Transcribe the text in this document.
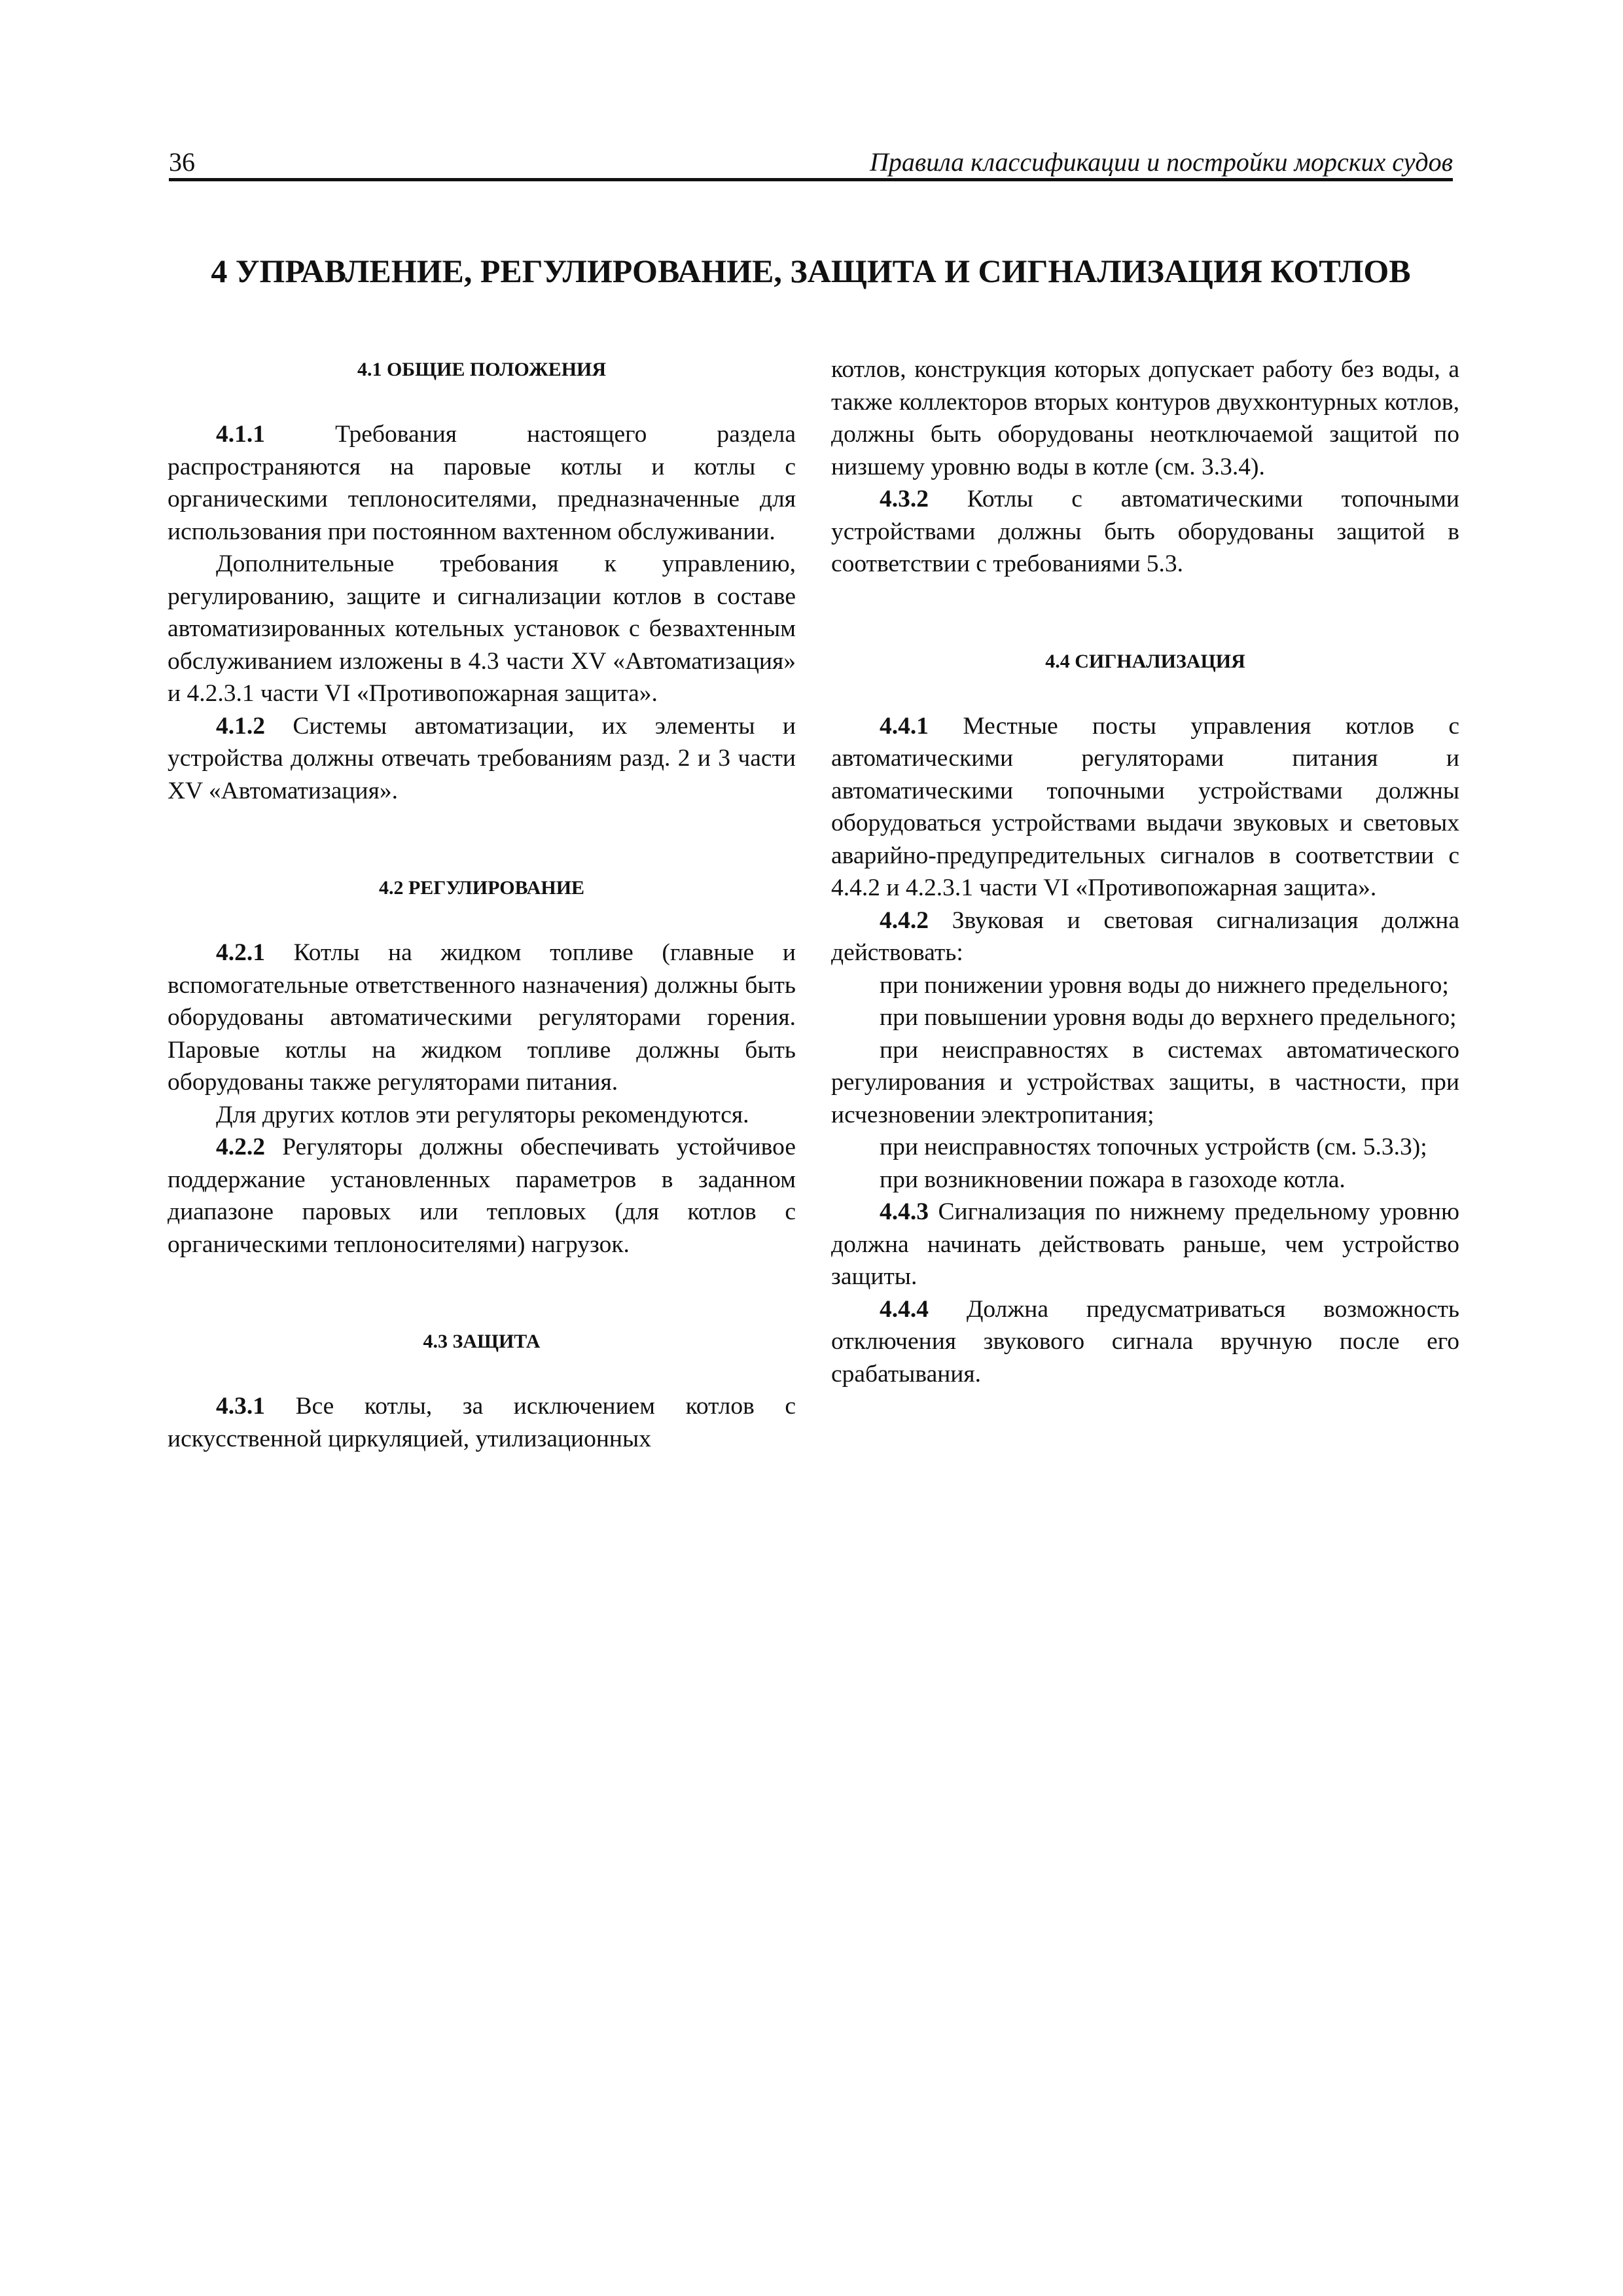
36	Правила классификации и постройки морских судов
4 УПРАВЛЕНИЕ, РЕГУЛИРОВАНИЕ, ЗАЩИТА И СИГНАЛИЗАЦИЯ КОТЛОВ
4.1 ОБЩИЕ ПОЛОЖЕНИЯ

4.1.1 Требования настоящего раздела распространяются на паровые котлы и котлы с органическими теплоносителями, предназначенные для использования при постоянном вахтенном обслуживании.

Дополнительные требования к управлению, регулированию, защите и сигнализации котлов в составе автоматизированных котельных установок с безвахтенным обслуживанием изложены в 4.3 части XV «Автоматизация» и 4.2.3.1 части VI «Противопожарная защита».

4.1.2 Системы автоматизации, их элементы и устройства должны отвечать требованиям разд. 2 и 3 части XV «Автоматизация».

4.2 РЕГУЛИРОВАНИЕ

4.2.1 Котлы на жидком топливе (главные и вспомогательные ответственного назначения) должны быть оборудованы автоматическими регуляторами горения. Паровые котлы на жидком топливе должны быть оборудованы также регуляторами питания.

Для других котлов эти регуляторы рекомендуются.

4.2.2 Регуляторы должны обеспечивать устойчивое поддержание установленных параметров в заданном диапазоне паровых или тепловых (для котлов с органическими теплоносителями) нагрузок.

4.3 ЗАЩИТА

4.3.1 Все котлы, за исключением котлов с искусственной циркуляцией, утилизационных

котлов, конструкция которых допускает работу без воды, а также коллекторов вторых контуров двухконтурных котлов, должны быть оборудованы неотключаемой защитой по низшему уровню воды в котле (см. 3.3.4).

4.3.2 Котлы с автоматическими топочными устройствами должны быть оборудованы защитой в соответствии с требованиями 5.3.

4.4 СИГНАЛИЗАЦИЯ

4.4.1 Местные посты управления котлов с автоматическими регуляторами питания и автоматическими топочными устройствами должны оборудоваться устройствами выдачи звуковых и световых аварийно-предупредительных сигналов в соответствии с 4.4.2 и 4.2.3.1 части VI «Противопожарная защита».

4.4.2 Звуковая и световая сигнализация должна действовать:

при понижении уровня воды до нижнего предельного;

при повышении уровня воды до верхнего предельного;

при неисправностях в системах автоматического регулирования и устройствах защиты, в частности, при исчезновении электропитания;

при неисправностях топочных устройств (см. 5.3.3);

при возникновении пожара в газоходе котла.

4.4.3 Сигнализация по нижнему предельному уровню должна начинать действовать раньше, чем устройство защиты.

4.4.4 Должна предусматриваться возможность отключения звукового сигнала вручную после его срабатывания.
